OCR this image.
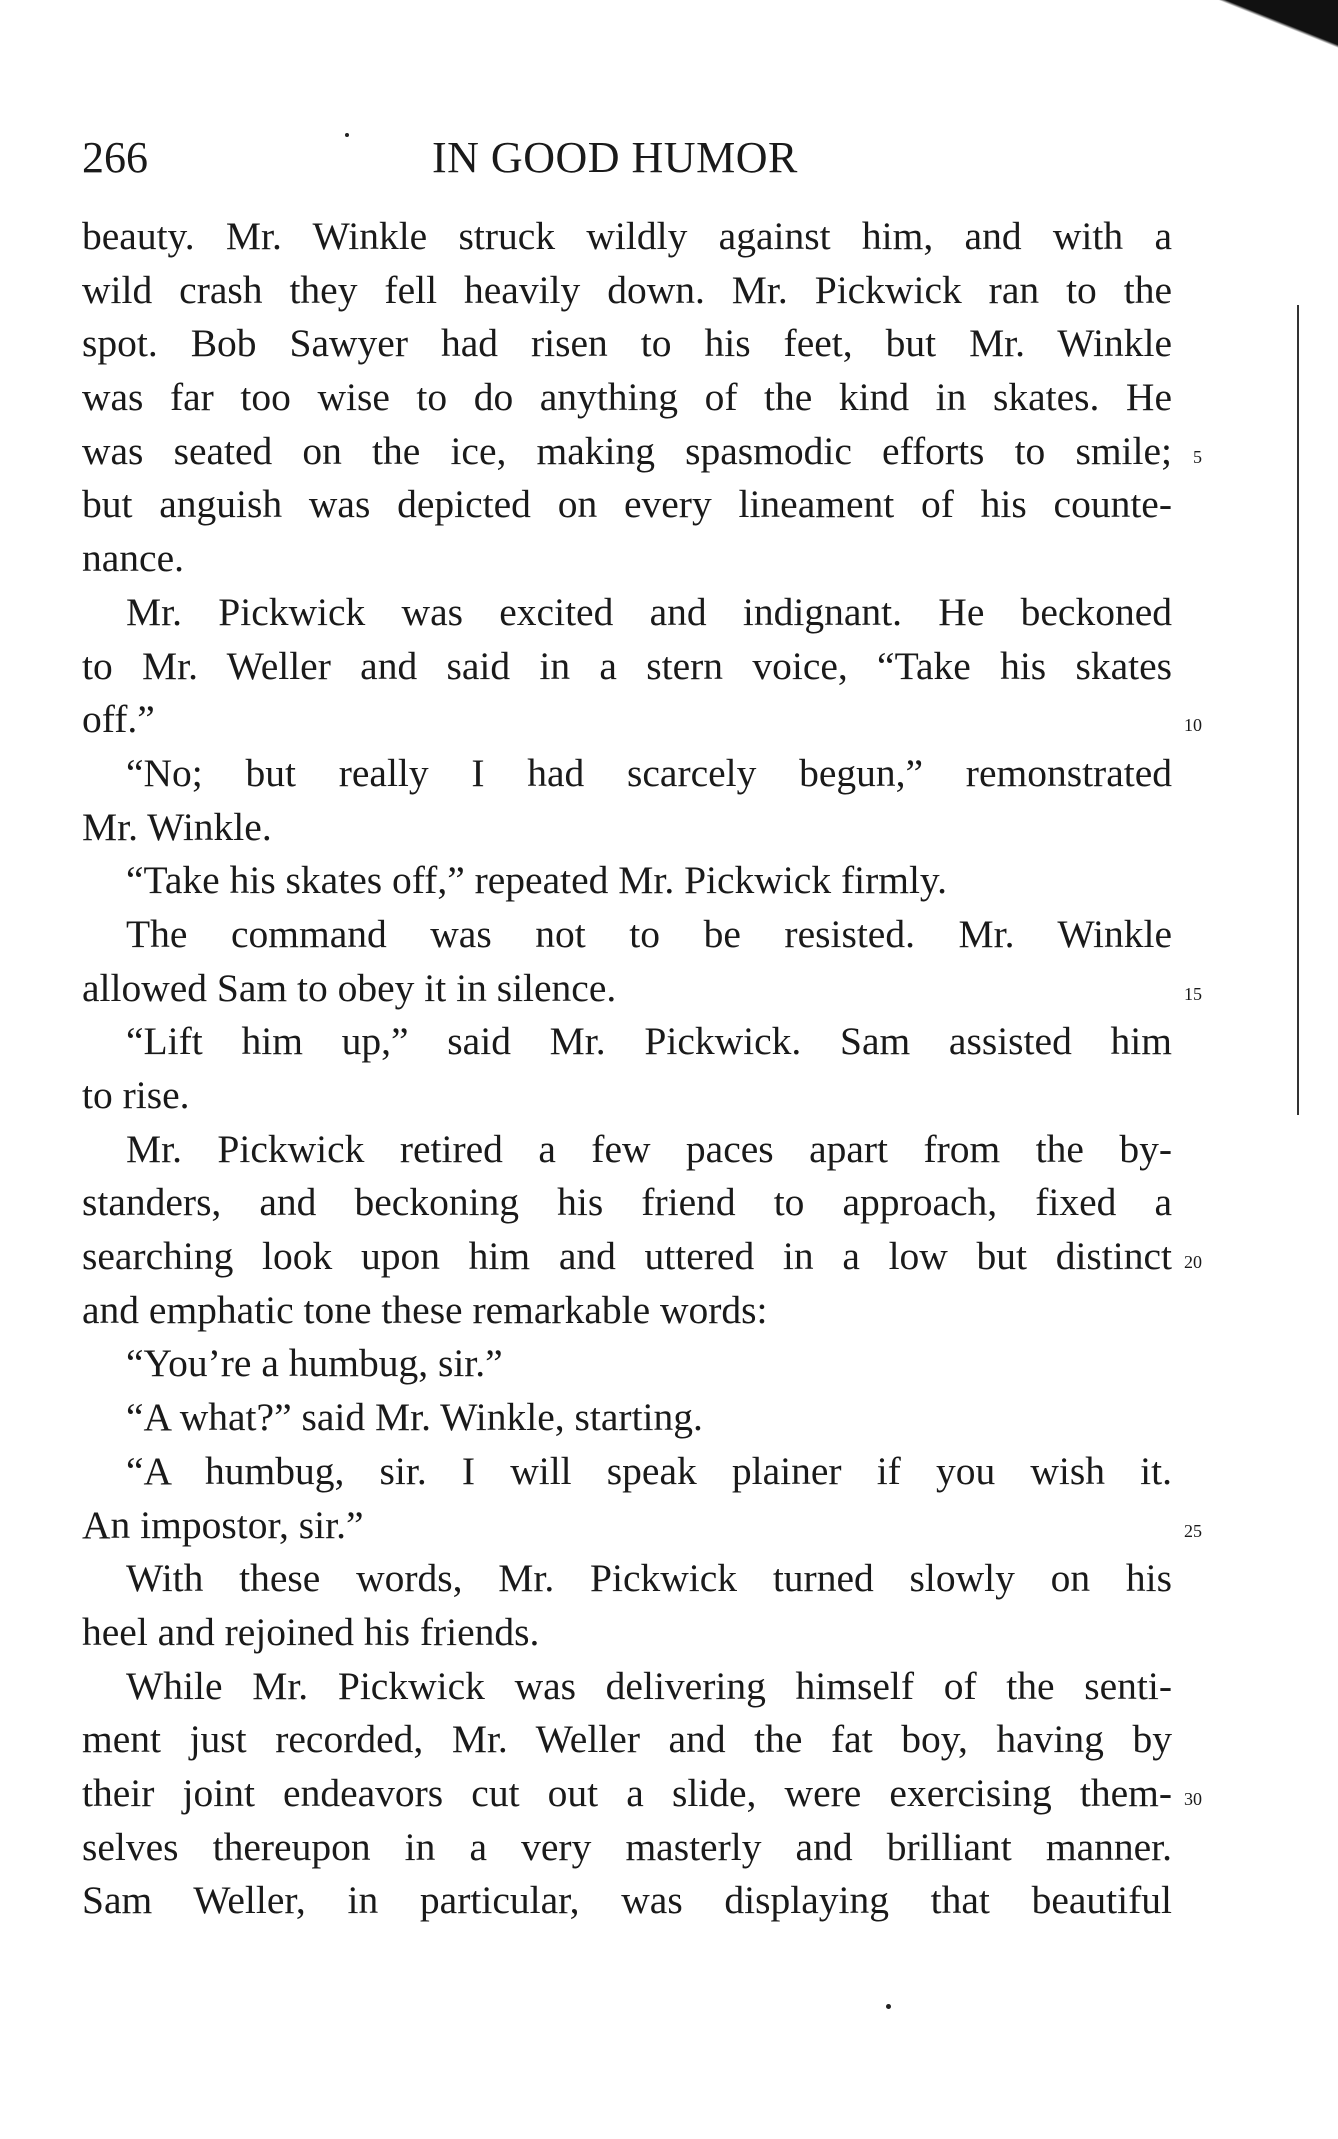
266	IN GOOD HUMOR
beauty. Mr. Winkle struck wildly against him, and with a
wild crash they fell heavily down. Mr. Pickwick ran to the
spot. Bob Sawyer had risen to his feet, but Mr. Winkle
was far too wise to do anything of the kind in skates. He
was seated on the ice, making spasmodic efforts to smile; 5
but anguish was depicted on every lineament of his counte-
nance.
Mr. Pickwick was excited and indignant. He beckoned
to Mr. Weller and said in a stern voice, “Take his skates
off.”	10
“No; but really I had scarcely begun,” remonstrated
Mr. Winkle.
“Take his skates off,” repeated Mr. Pickwick firmly.
The command was not to be resisted. Mr. Winkle
allowed Sam to obey it in silence.	15
“Lift him up,” said Mr. Pickwick. Sam assisted him
to rise.
Mr. Pickwick retired a few paces apart from the by-
standers, and beckoning his friend to approach, fixed a
searching look upon him and uttered in a low but distinct 20
and emphatic tone these remarkable words:
“You’re a humbug, sir.”
“A what?” said Mr. Winkle, starting.
“A humbug, sir. I will speak plainer if you wish it.
An impostor, sir.”	25
With these words, Mr. Pickwick turned slowly on his
heel and rejoined his friends.
While Mr. Pickwick was delivering himself of the senti-
ment just recorded, Mr. Weller and the fat boy, having by
their joint endeavors cut out a slide, were exercising them- 30
selves thereupon in a very masterly and brilliant manner.
Sam Weller, in particular, was displaying that beautiful
